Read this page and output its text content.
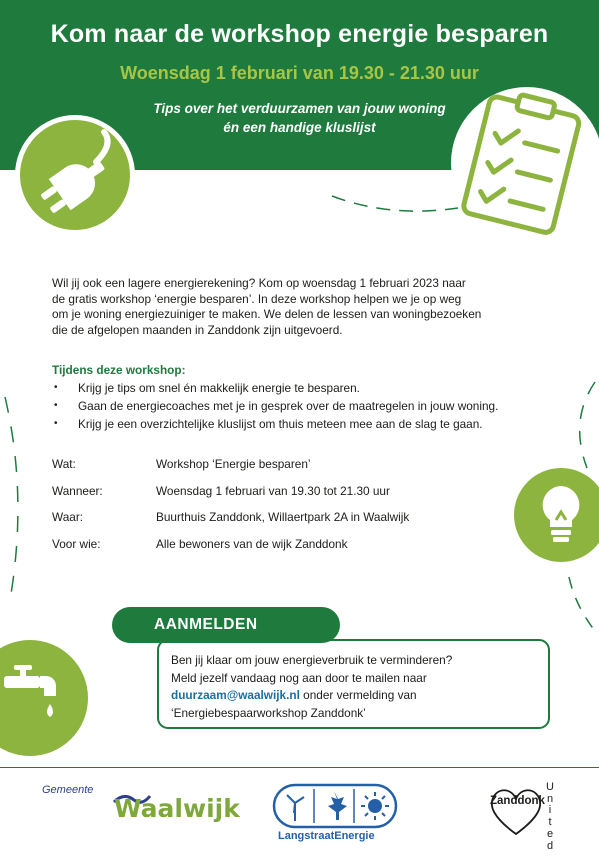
Kom naar de workshop energie besparen
Woensdag 1 februari van 19.30 - 21.30 uur
Tips over het verduurzamen van jouw woning
én een handige kluslijst

Wil jij ook een lagere energierekening? Kom op woensdag 1 februari 2023 naar

de gratis workshop ‘energie besparen’. In deze workshop helpen we je op weg

om je woning energiezuiniger te maken. We delen de lessen van woningbezoeken

die de afgelopen maanden in Zanddonk zijn uitgevoerd.

Tijdens deze workshop:
• Krijg je tips om snel én makkelijk energie te besparen.
• Gaan de energiecoaches met je in gesprek over de maatregelen in jouw woning.
• Krijg je een overzichtelijke kluslijst om thuis meteen mee aan de slag te gaan.
Wat:	Workshop ‘Energie besparen’
Wanneer:	Woensdag 1 februari van 19.30 tot 21.30 uur
Waar:	Buurthuis Zanddonk, Willaertpark 2A in Waalwijk
Voor wie:	Alle bewoners van de wijk Zanddonk

Ben jij klaar om jouw energieverbruik te verminderen?

Meld jezelf vandaag nog aan door te mailen naar

duurzaam@waalwijk.nl onder vermelding van

‘Energiebespaarworkshop Zanddonk’

AANMELDEN
Gemeente
Waalwijk
LangstraatEnergie
Zanddonk
U
n
i
t
e
d
